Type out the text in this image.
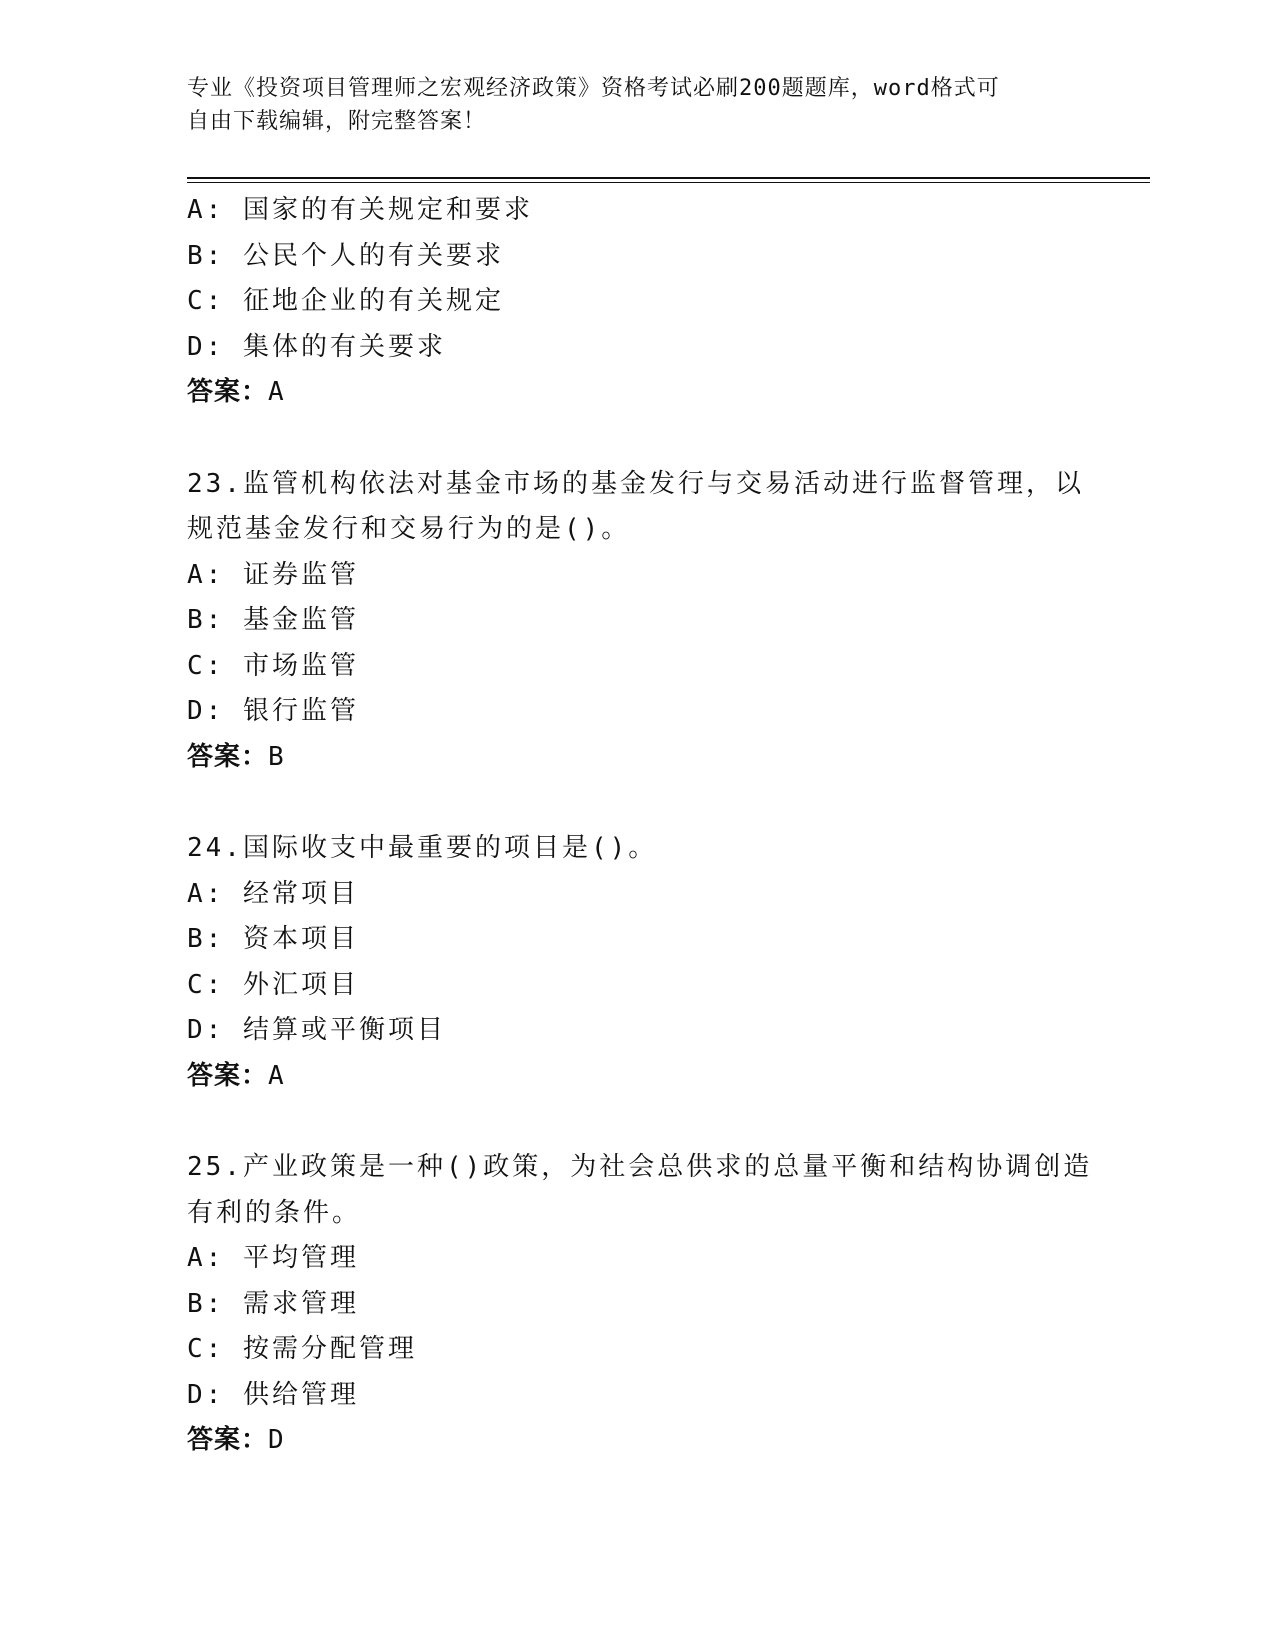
专业《投资项目管理师之宏观经济政策》资格考试必刷200题题库，word格式可
自由下载编辑，附完整答案！
A: 国家的有关规定和要求
B: 公民个人的有关要求
C: 征地企业的有关规定
D: 集体的有关要求
答案：A
23.监管机构依法对基金市场的基金发行与交易活动进行监督管理，以
规范基金发行和交易行为的是()。
A: 证券监管
B: 基金监管
C: 市场监管
D: 银行监管
答案：B
24.国际收支中最重要的项目是()。
A: 经常项目
B: 资本项目
C: 外汇项目
D: 结算或平衡项目
答案：A
25.产业政策是一种()政策，为社会总供求的总量平衡和结构协调创造
有利的条件。
A: 平均管理
B: 需求管理
C: 按需分配管理
D: 供给管理
答案：D
